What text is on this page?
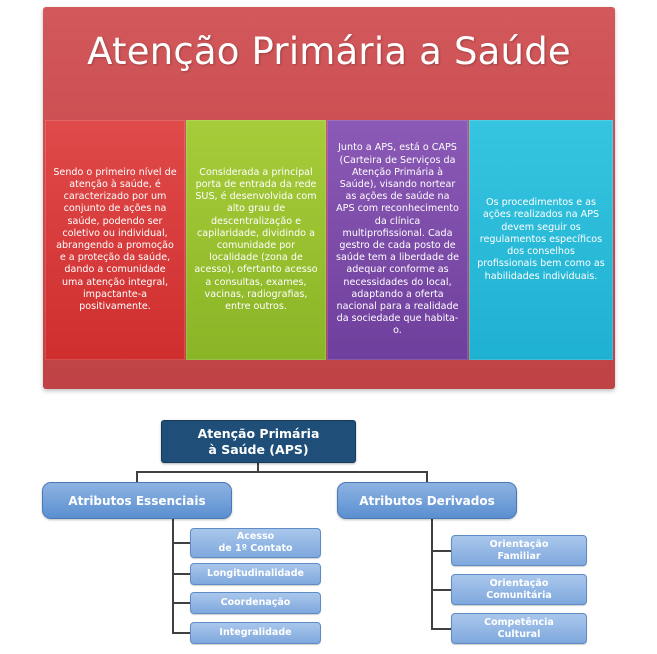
Atenção Primária a Saúde
Sendo o primeiro nível de atenção à saúde, é caracterizado por um conjunto de ações na saúde, podendo ser coletivo ou individual, abrangendo a promoção e a proteção da saúde, dando a comunidade uma atenção integral, impactante-a positivamente.
Considerada a principal porta de entrada da rede SUS, é desenvolvida com alto grau de descentralização e capilaridade, dividindo a comunidade por localidade (zona de acesso), ofertanto acesso a consultas, exames, vacinas, radiografias, entre outros.
Junto a APS, está o CAPS (Carteira de Serviços da Atenção Primária à Saúde), visando nortear as ações de saúde na APS com reconhecimento da clínica multiprofissional. Cada gestro de cada posto de saúde tem a liberdade de adequar conforme as necessidades do local, adaptando a oferta nacional para a realidade da sociedade que habita-o.
Os procedimentos e as ações realizados na APS devem seguir os regulamentos específicos dos conselhos profissionais bem como as habilidades individuais.
Atenção Primária
à Saúde (APS)
Atributos Essenciais	Atributos Derivados
Acesso
de 1º Contato
Longitudinalidade
Coordenação
Integralidade
Orientação
Familiar
Orientação
Comunitária
Competência
Cultural
